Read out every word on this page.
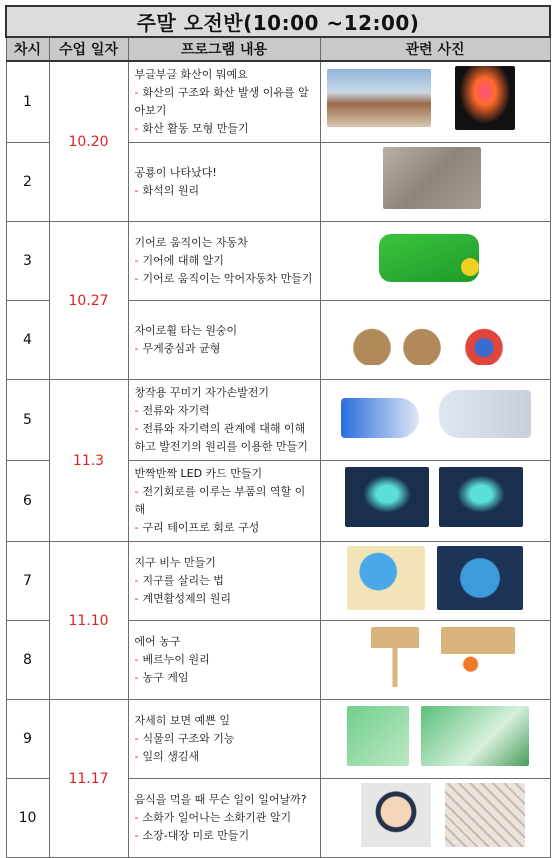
주말 오전반(10:00 ~12:00)			
차시	수업 일자	프로그램 내용	관련 사진
1	10.20	부글부글 화산이 뭐예요
- 화산의 구조와 화산 발생 이유를 알아보기
- 화산 활동 모형 만들기	

2		공룡이 나타났다!
- 화석의 원리	

3	10.27	기어로 움직이는 자동차
- 기어에 대해 알기
- 기어로 움직이는 악어자동차 만들기	

4		자이로휠 타는 원숭이
- 무게중심과 균형	

5	11.3	창작용 꾸미기 자가손발전기
- 전류와 자기력
- 전류와 자기력의 관계에 대해 이해하고 발전기의 원리를 이용한 만들기	

6		반짝반짝 LED 카드 만들기
- 전기회로를 이루는 부품의 역할 이해
- 구리 테이프로 회로 구성	

7	11.10	지구 비누 만들기
- 지구를 살리는 법
- 계면활성제의 원리	

8		에어 농구
- 베르누이 원리
- 농구 게임	

9	11.17	자세히 보면 예쁜 잎
- 식물의 구조와 기능
- 잎의 생김새	

10		음식을 먹을 때 무슨 일이 일어날까?
- 소화가 일어나는 소화기관 알기
- 소장-대장 미로 만들기	
